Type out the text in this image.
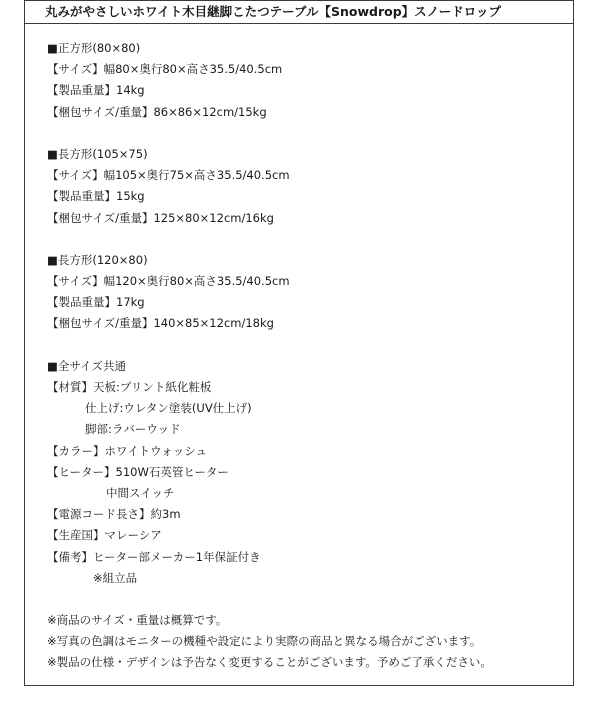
丸みがやさしいホワイト木目継脚こたつテーブル【Snowdrop】スノードロップ
■正方形(80×80)
【サイズ】幅80×奥行80×高さ35.5/40.5cm
【製品重量】14kg
【梱包サイズ/重量】86×86×12cm/15kg
■長方形(105×75)
【サイズ】幅105×奥行75×高さ35.5/40.5cm
【製品重量】15kg
【梱包サイズ/重量】125×80×12cm/16kg
■長方形(120×80)
【サイズ】幅120×奥行80×高さ35.5/40.5cm
【製品重量】17kg
【梱包サイズ/重量】140×85×12cm/18kg
■全サイズ共通
【材質】天板:プリント紙化粧板
仕上げ:ウレタン塗装(UV仕上げ)
脚部:ラバーウッド
【カラー】ホワイトウォッシュ
【ヒーター】510W石英管ヒーター
中間スイッチ
【電源コード長さ】約3m
【生産国】マレーシア
【備考】ヒーター部メーカー1年保証付き
※組立品
※商品のサイズ・重量は概算です。
※写真の色調はモニターの機種や設定により実際の商品と異なる場合がございます。
※製品の仕様・デザインは予告なく変更することがございます。予めご了承ください。
